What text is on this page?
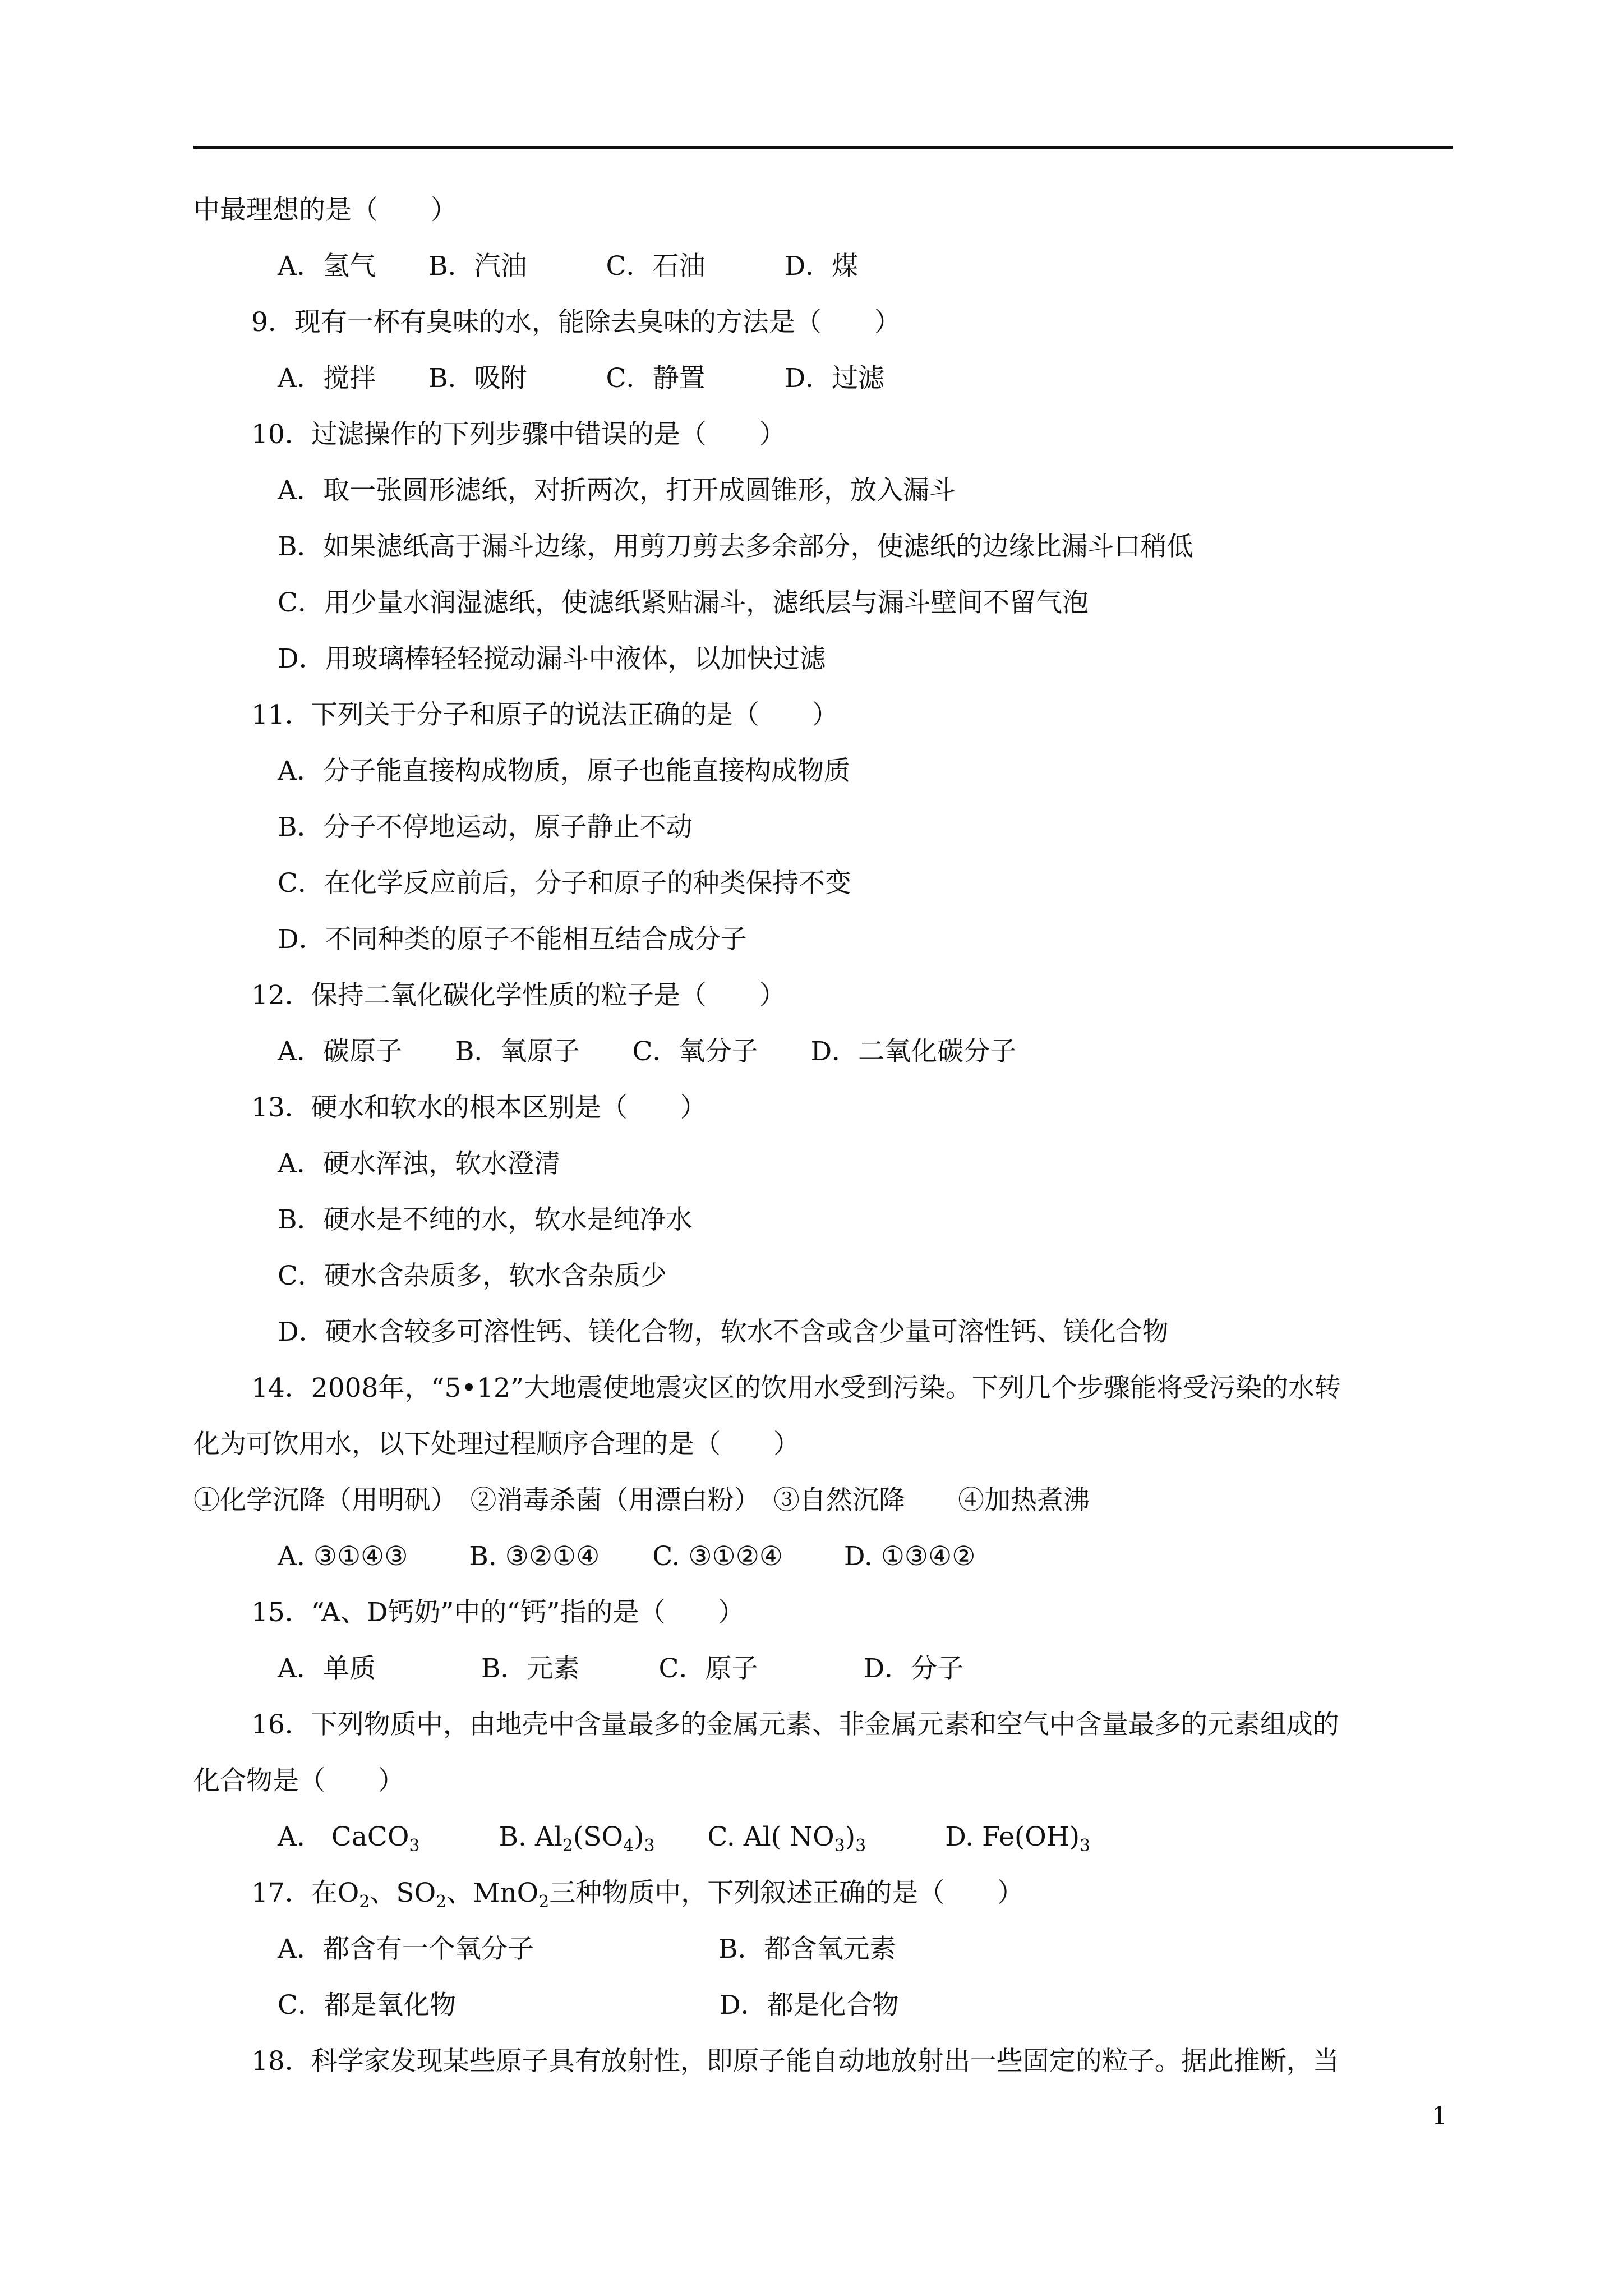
中最理想的是（　　）
A．氢气　　B．汽油　　　C．石油　　　D．煤
9．现有一杯有臭味的水，能除去臭味的方法是（　　）
A．搅拌　　B．吸附　　　C．静置　　　D．过滤
10．过滤操作的下列步骤中错误的是（　　）
A．取一张圆形滤纸，对折两次，打开成圆锥形，放入漏斗
B．如果滤纸高于漏斗边缘，用剪刀剪去多余部分，使滤纸的边缘比漏斗口稍低
C．用少量水润湿滤纸，使滤纸紧贴漏斗，滤纸层与漏斗壁间不留气泡
D．用玻璃棒轻轻搅动漏斗中液体，以加快过滤
11．下列关于分子和原子的说法正确的是（　　）
A．分子能直接构成物质，原子也能直接构成物质
B．分子不停地运动，原子静止不动
C．在化学反应前后，分子和原子的种类保持不变
D．不同种类的原子不能相互结合成分子
12．保持二氧化碳化学性质的粒子是（　　）
A．碳原子　　B．氧原子　　C．氧分子　　D．二氧化碳分子
13．硬水和软水的根本区别是（　　）
A．硬水浑浊，软水澄清
B．硬水是不纯的水，软水是纯净水
C．硬水含杂质多，软水含杂质少
D．硬水含较多可溶性钙、镁化合物，软水不含或含少量可溶性钙、镁化合物
14．2008年，“5•12”大地震使地震灾区的饮用水受到污染。下列几个步骤能将受污染的水转
化为可饮用水，以下处理过程顺序合理的是（　　）
①化学沉降（用明矾）　②消毒杀菌（用漂白粉）　③自然沉降　　④加热煮沸
A. ③①④③　　 B. ③②①④　　C. ③①②④　　 D. ①③④②
15．“A、D钙奶”中的“钙”指的是（　　）
A．单质　　　　B．元素　　　C．原子　　　　D．分子
16．下列物质中，由地壳中含量最多的金属元素、非金属元素和空气中含量最多的元素组成的
化合物是（　　）
A.　CaCO$_3$　　　B. $Al_2(SO_4)_3$　　C. Al( $NO_3)_3$　　　D. $Fe(OH)_3$
17．在$O_2$、$SO_2$、MnO$_2$三种物质中，下列叙述正确的是（　　）
A．都含有一个氧分子　　　　　　　B．都含氧元素
C．都是氧化物　　　　　　　　　　D．都是化合物
18．科学家发现某些原子具有放射性，即原子能自动地放射出一些固定的粒子。据此推断，当
1
